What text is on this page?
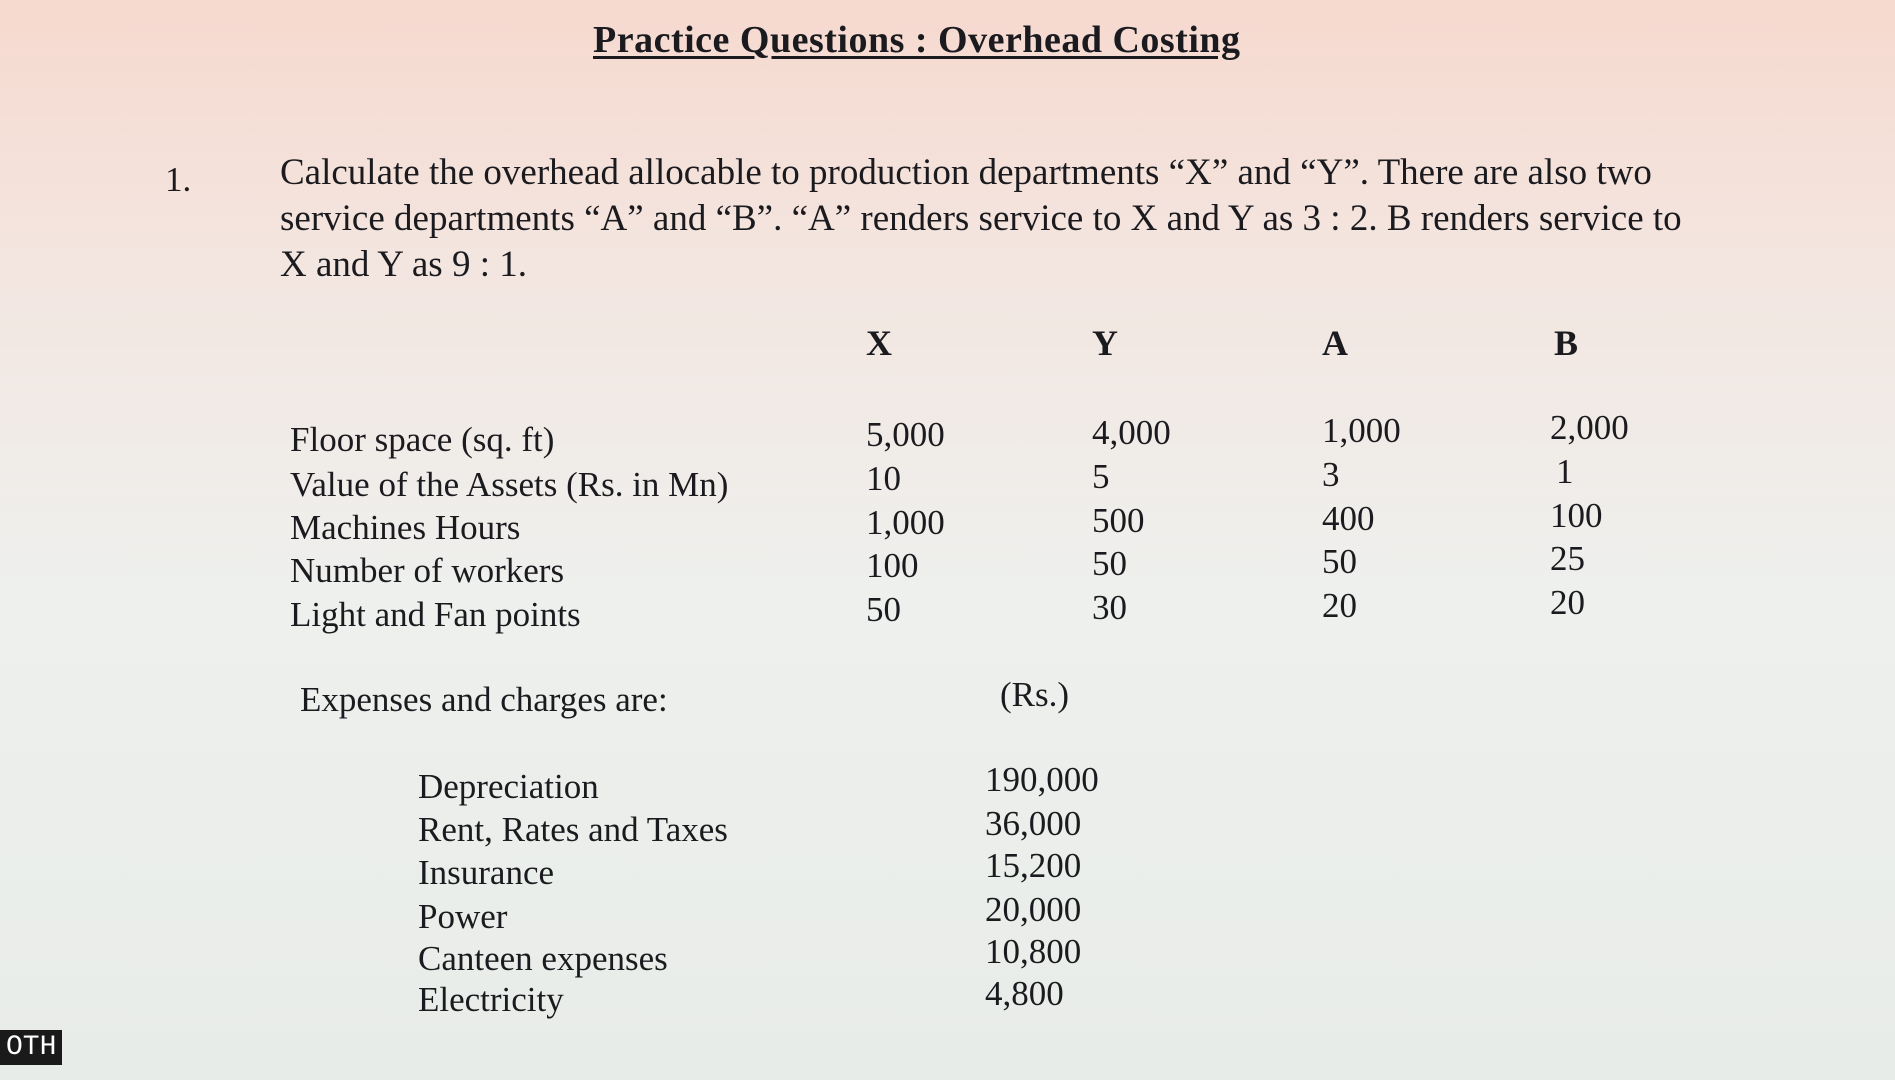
Practice Questions : Overhead Costing
1. Calculate the overhead allocable to production departments “X” and “Y”. There are also two service departments “A” and “B”. “A” renders service to X and Y as 3 : 2. B renders service to X and Y as 9 : 1.
X	Y	A	B
Floor space (sq. ft)	5,000	4,000	1,000	2,000
Value of the Assets (Rs. in Mn)	10	5	3	1
Machines Hours	1,000	500	400	100
Number of workers	100	50	50	25
Light and Fan points	50	30	20	20
Expenses and charges are:	(Rs.)
Depreciation	190,000
Rent, Rates and Taxes	36,000
Insurance	15,200
Power	20,000
Canteen expenses	10,800
Electricity	4,800
OTH
